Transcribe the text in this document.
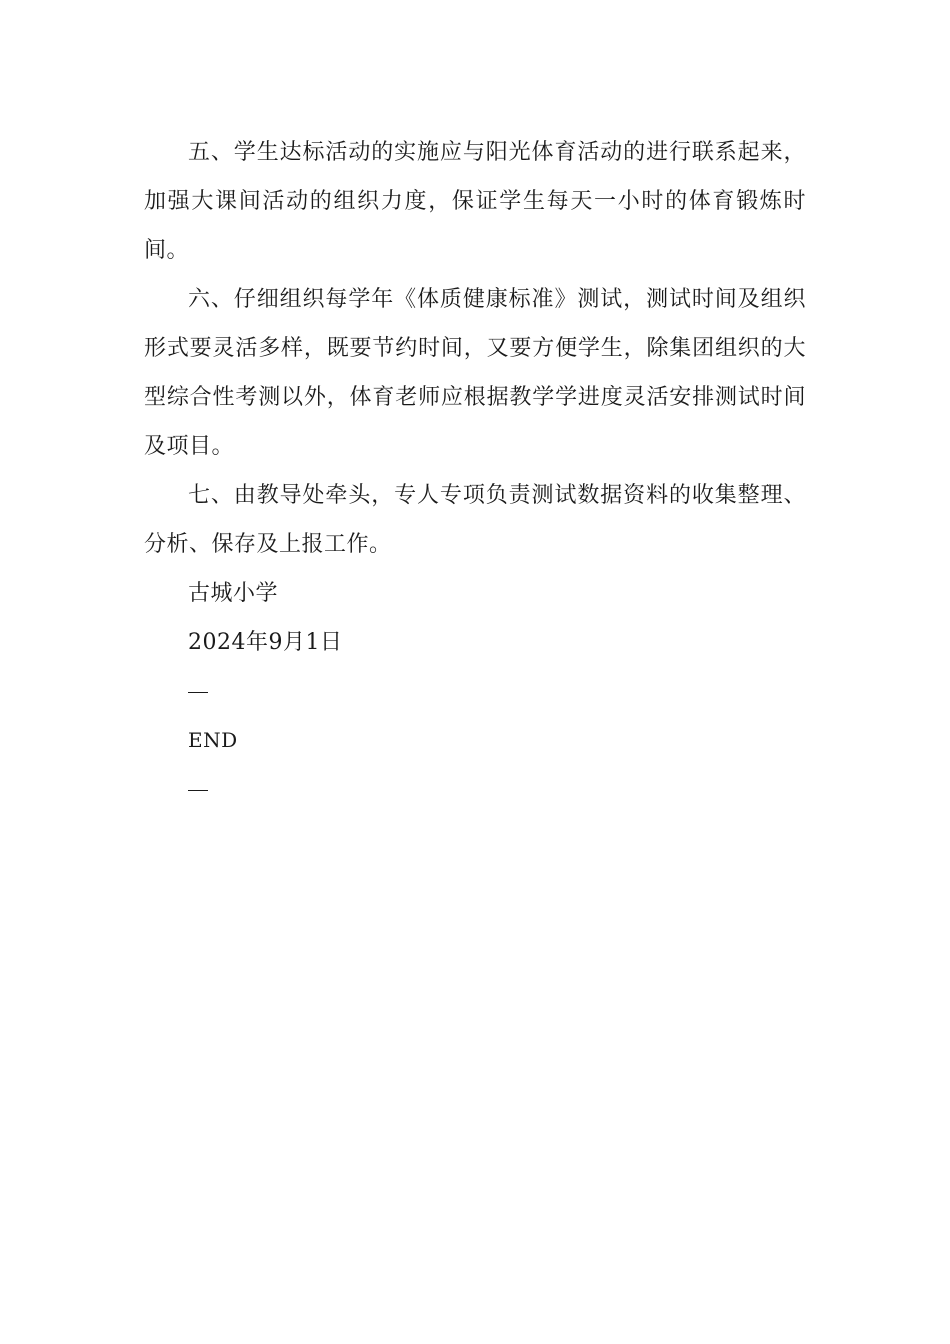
五、学生达标活动的实施应与阳光体育活动的进行联系起来，加强大课间活动的组织力度，保证学生每天一小时的体育锻炼时间。

六、仔细组织每学年《体质健康标准》测试，测试时间及组织形式要灵活多样，既要节约时间，又要方便学生，除集团组织的大型综合性考测以外，体育老师应根据教学学进度灵活安排测试时间及项目。

七、由教导处牵头，专人专项负责测试数据资料的收集整理、分析、保存及上报工作。

古城小学

2024年9月1日

END
